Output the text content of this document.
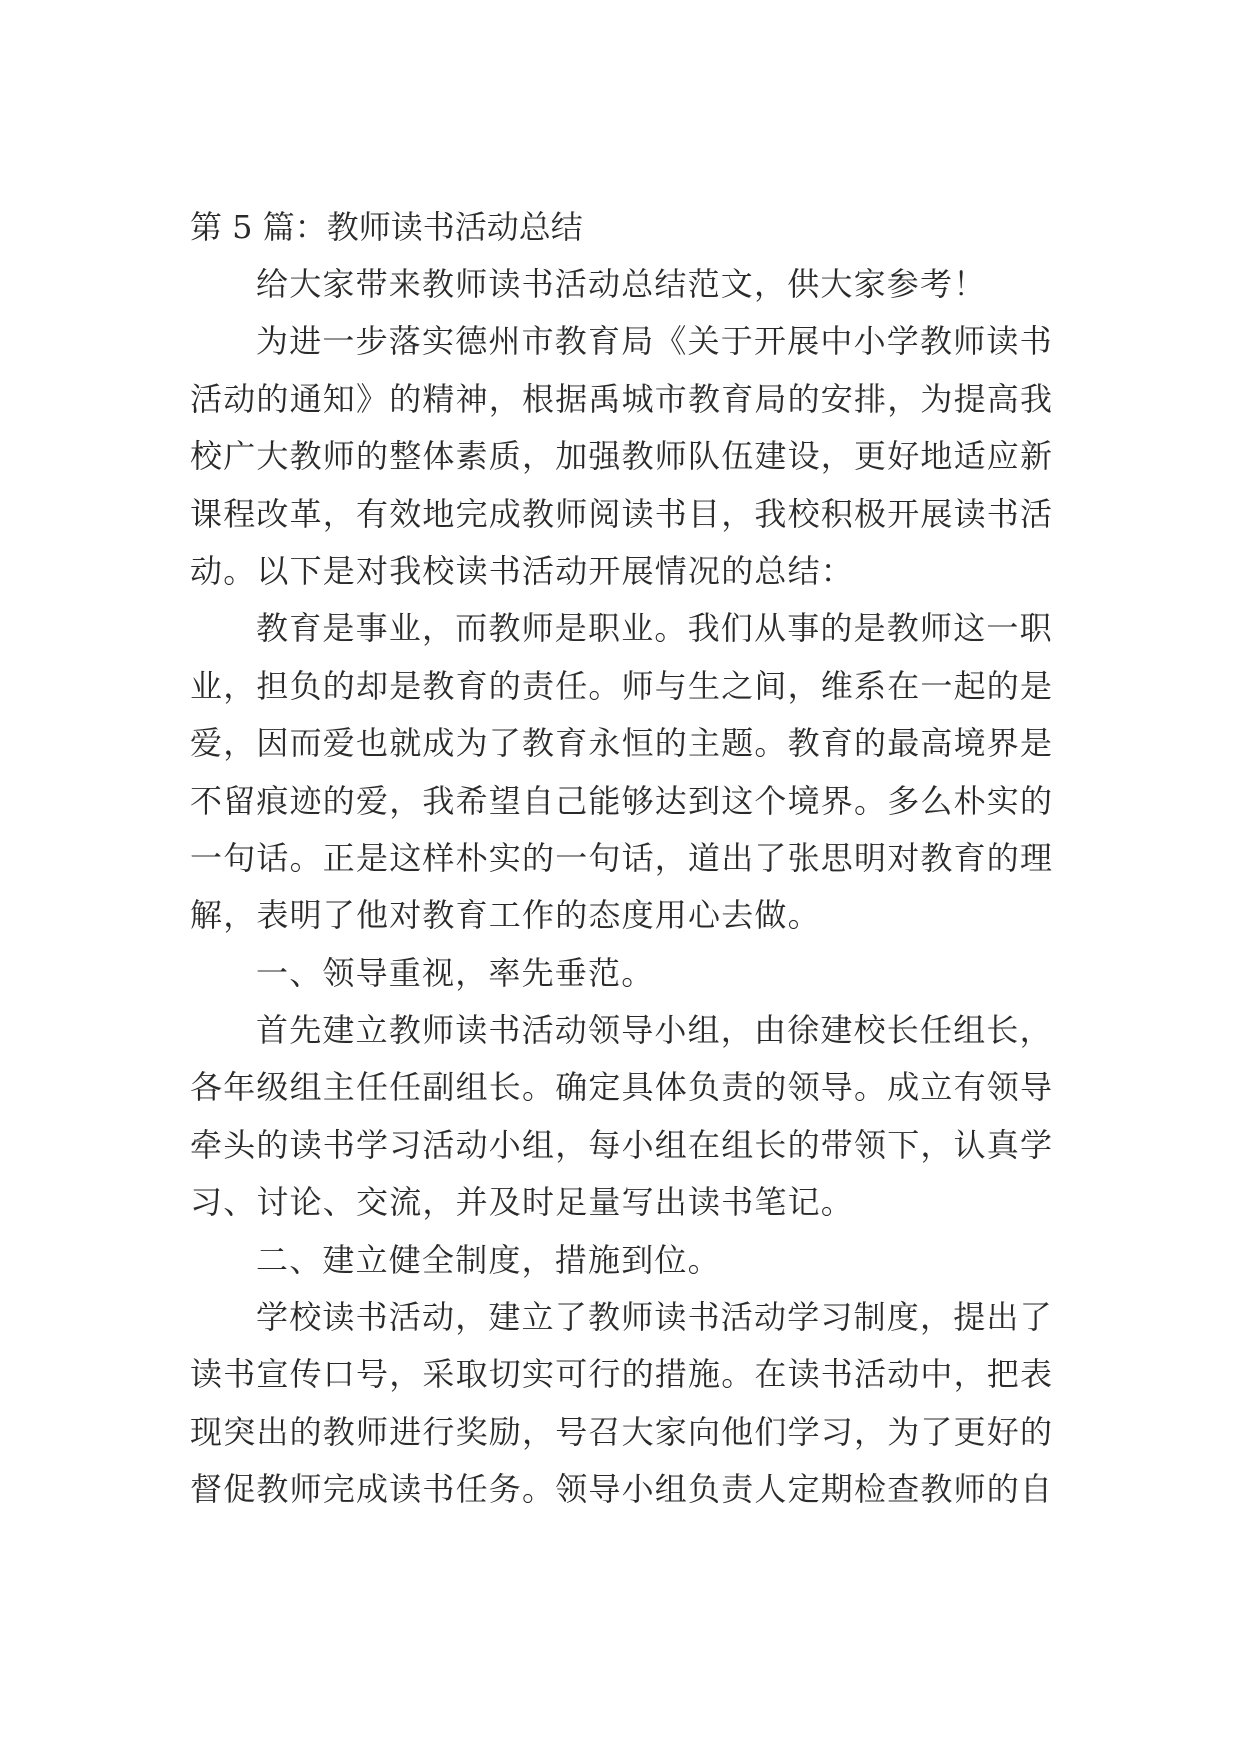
第 5 篇：教师读书活动总结
给大家带来教师读书活动总结范文，供大家参考！
为进一步落实德州市教育局《关于开展中小学教师读书
活动的通知》的精神，根据禹城市教育局的安排，为提高我
校广大教师的整体素质，加强教师队伍建设，更好地适应新
课程改革，有效地完成教师阅读书目，我校积极开展读书活
动。以下是对我校读书活动开展情况的总结：
教育是事业，而教师是职业。我们从事的是教师这一职
业，担负的却是教育的责任。师与生之间，维系在一起的是
爱，因而爱也就成为了教育永恒的主题。教育的最高境界是
不留痕迹的爱，我希望自己能够达到这个境界。多么朴实的
一句话。正是这样朴实的一句话，道出了张思明对教育的理
解，表明了他对教育工作的态度用心去做。
一、领导重视，率先垂范。
首先建立教师读书活动领导小组，由徐建校长任组长，
各年级组主任任副组长。确定具体负责的领导。成立有领导
牵头的读书学习活动小组，每小组在组长的带领下，认真学
习、讨论、交流，并及时足量写出读书笔记。
二、建立健全制度，措施到位。
学校读书活动，建立了教师读书活动学习制度，提出了
读书宣传口号，采取切实可行的措施。在读书活动中，把表
现突出的教师进行奖励，号召大家向他们学习，为了更好的
督促教师完成读书任务。领导小组负责人定期检查教师的自
